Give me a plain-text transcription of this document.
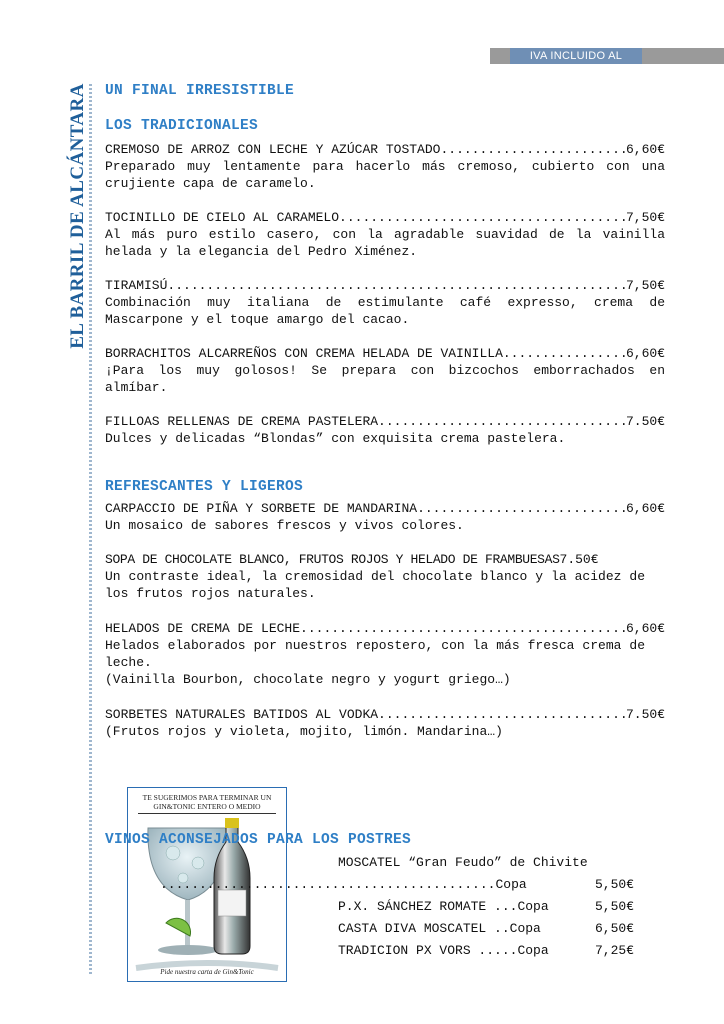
IVA INCLUIDO AL
EL BARRIL DE ALCÁNTARA UN FINAL IRRESISTIBLE
LOS TRADICIONALES
CREMOSO DE ARROZ CON LECHE Y AZÚCAR TOSTADO .....	6,60€
Preparado muy lentamente para hacerlo más cremoso, cubierto con una crujiente capa de caramelo.
TOCINILLO DE CIELO AL CARAMELO .....	7,50€
Al más puro estilo casero, con la agradable suavidad de la vainilla helada y la elegancia del Pedro Ximénez.
TIRAMISÚ .....	7,50€
Combinación muy italiana de estimulante café expresso, crema de Mascarpone y el toque amargo del cacao.
BORRACHITOS ALCARREÑOS CON CREMA HELADA DE VAINILLA .....	6,60€
¡Para los muy golosos! Se prepara con bizcochos emborrachados en almíbar.
FILLOAS RELLENAS DE CREMA PASTELERA .....	7.50€
Dulces y delicadas “Blondas” con exquisita crema pastelera.
REFRESCANTES Y LIGEROS
CARPACCIO DE PIÑA Y SORBETE DE MANDARINA .....	6,60€
Un mosaico de sabores frescos y vivos colores.
SOPA DE CHOCOLATE BLANCO, FRUTOS ROJOS Y HELADO DE FRAMBUESAS 7.50€
Un contraste ideal, la cremosidad del chocolate blanco y la acidez de los frutos rojos naturales.
HELADOS DE CREMA DE LECHE .....	6,60€
Helados elaborados por nuestros repostero, con la más fresca crema de leche.
(Vainilla Bourbon, chocolate negro y yogurt griego…)
SORBETES NATURALES BATIDOS AL VODKA .....	7.50€
(Frutos rojos y violeta, mojito, limón. Mandarina…)
TE SUGERIMOS PARA TERMINAR UN GIN&TONIC ENTERO O MEDIO
Pide nuestra carta de Gin&Tonic
VINOS ACONSEJADOS PARA LOS POSTRES
MOSCATEL “Gran Feudo” de Chivite
...........................................Copa	5,50€
P.X. SÁNCHEZ ROMATE ...Copa	5,50€
CASTA DIVA MOSCATEL ..Copa	6,50€
TRADICION PX VORS .....Copa	7,25€
